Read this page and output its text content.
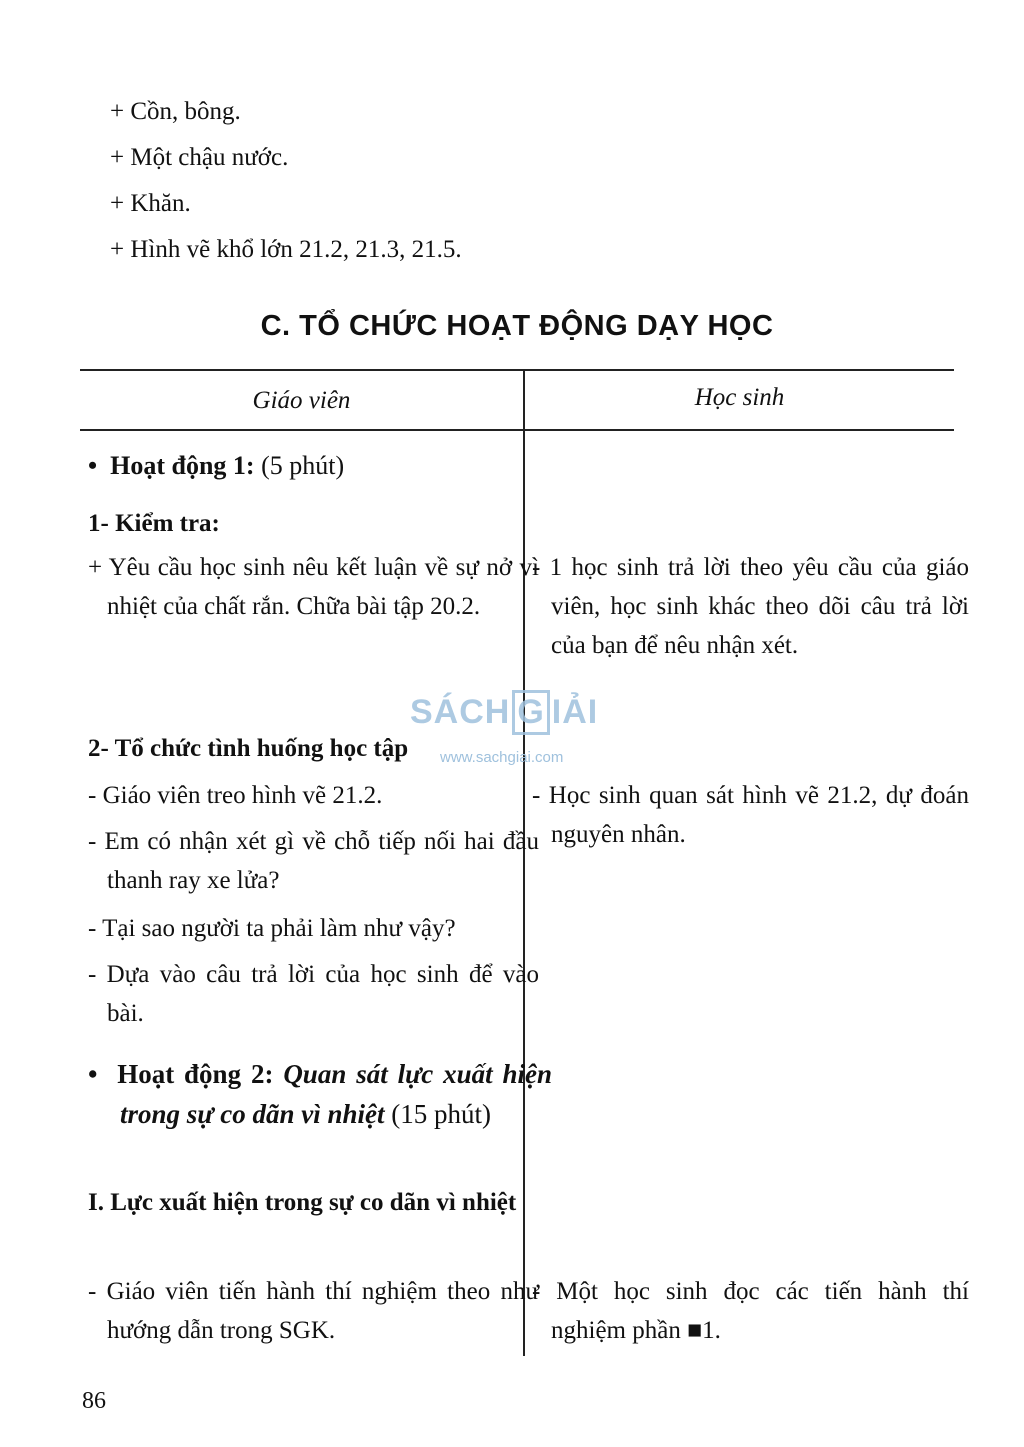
+ Cồn, bông.
+ Một chậu nước.
+ Khăn.
+ Hình vẽ khổ lớn 21.2, 21.3, 21.5.
C. TỔ CHỨC HOẠT ĐỘNG DẠY HỌC
Giáo viên	Học sinh
•  Hoạt động 1: (5 phút)
1- Kiểm tra:
+ Yêu cầu học sinh nêu kết luận về sự nở vì nhiệt của chất rắn. Chữa bài tập 20.2.
- 1 học sinh trả lời theo yêu cầu của giáo viên, học sinh khác theo dõi câu trả lời của bạn để nêu nhận xét.
2- Tổ chức tình huống học tập
- Giáo viên treo hình vẽ 21.2.
- Em có nhận xét gì về chỗ tiếp nối hai đầu thanh ray xe lửa?
- Tại sao người ta phải làm như vậy?
- Dựa vào câu trả lời của học sinh để vào bài.
- Học sinh quan sát hình vẽ 21.2, dự đoán nguyên nhân.
•  Hoạt động 2: Quan sát lực xuất hiện trong sự co dãn vì nhiệt (15 phút)
I. Lực xuất hiện trong sự co dãn vì nhiệt
- Giáo viên tiến hành thí nghiệm theo như hướng dẫn trong SGK.
- Một học sinh đọc các tiến hành thí nghiệm phần ■1.
SÁCH G IẢI
www.sachgiai.com
86
